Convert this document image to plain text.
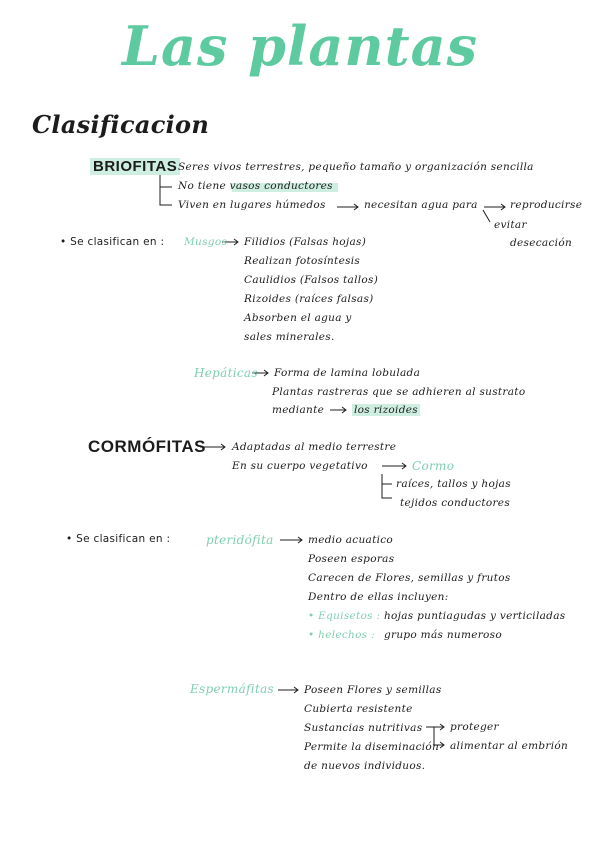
Las plantas
Clasificacion
BRIOFITAS Seres vivos terrestres, pequeño tamaño y organización sencilla
No tiene vasos conductores
Viven en lugares húmedos	necesitan agua para	reproducirse
evitar
desecación
• Se clasifican en : Musgos Filidios (Falsas hojas)
Realizan fotosíntesis
Caulidios (Falsos tallos)
Rizoides (raíces falsas)
Absorben el agua y
sales minerales.
Hepáticas Forma de lamina lobulada
Plantas rastreras que se adhieren al sustrato
mediante	los rizoides
CORMÓFITAS Adaptadas al medio terrestre
En su cuerpo vegetativo	Cormo
raíces, tallos y hojas
tejidos conductores
• Se clasifican en :	pteridófita	medio acuatico
Poseen esporas
Carecen de Flores, semillas y frutos
Dentro de ellas incluyen:
• Equisetos : hojas puntiagudas y verticiladas
• helechos : grupo más numeroso
Espermáfitas	Poseen Flores y semillas
Cubierta resistente
Sustancias nutritivas
Permite la diseminación
de nuevos individuos.
proteger
alimentar al embrión
